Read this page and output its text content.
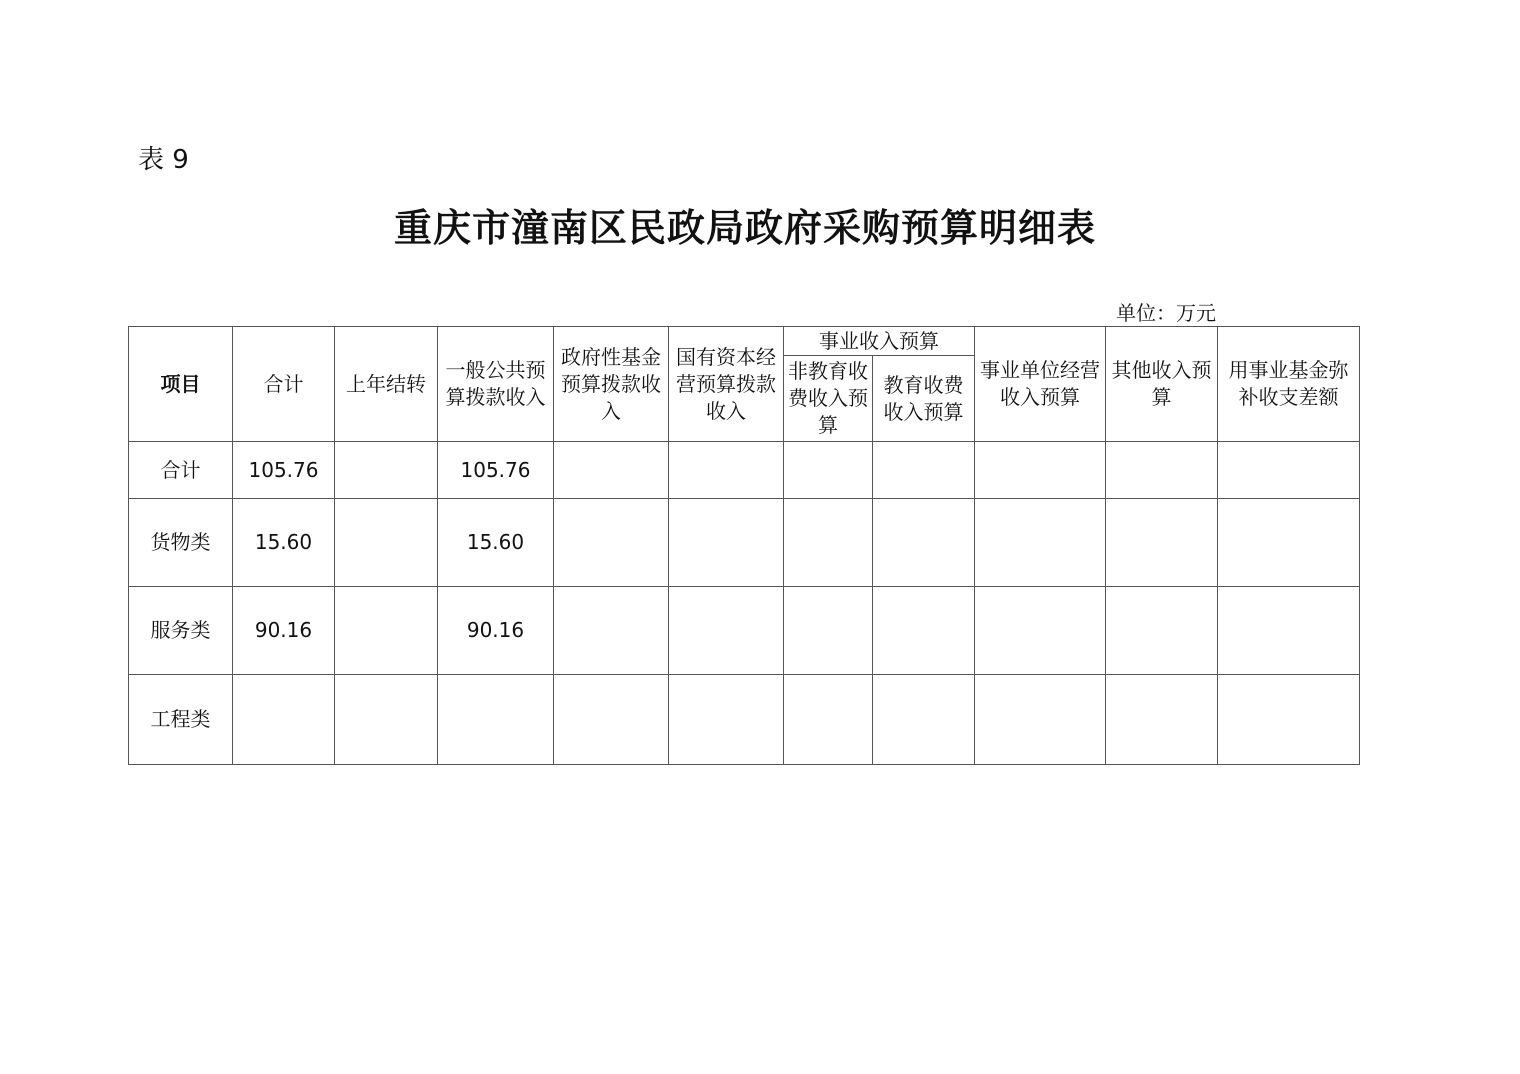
表 9
重庆市潼南区民政局政府采购预算明细表
单位：万元
项目	合计	上年结转	一般公共预算拨款收入	政府性基金预算拨款收入	国有资本经营预算拨款收入	事业收入预算		事业单位经营收入预算	其他收入预算	用事业基金弥补收支差额
						非教育收费收入预算	教育收费收入预算			
合计	105.76		105.76							
货物类	15.60		15.60							
服务类	90.16		90.16							
工程类										
